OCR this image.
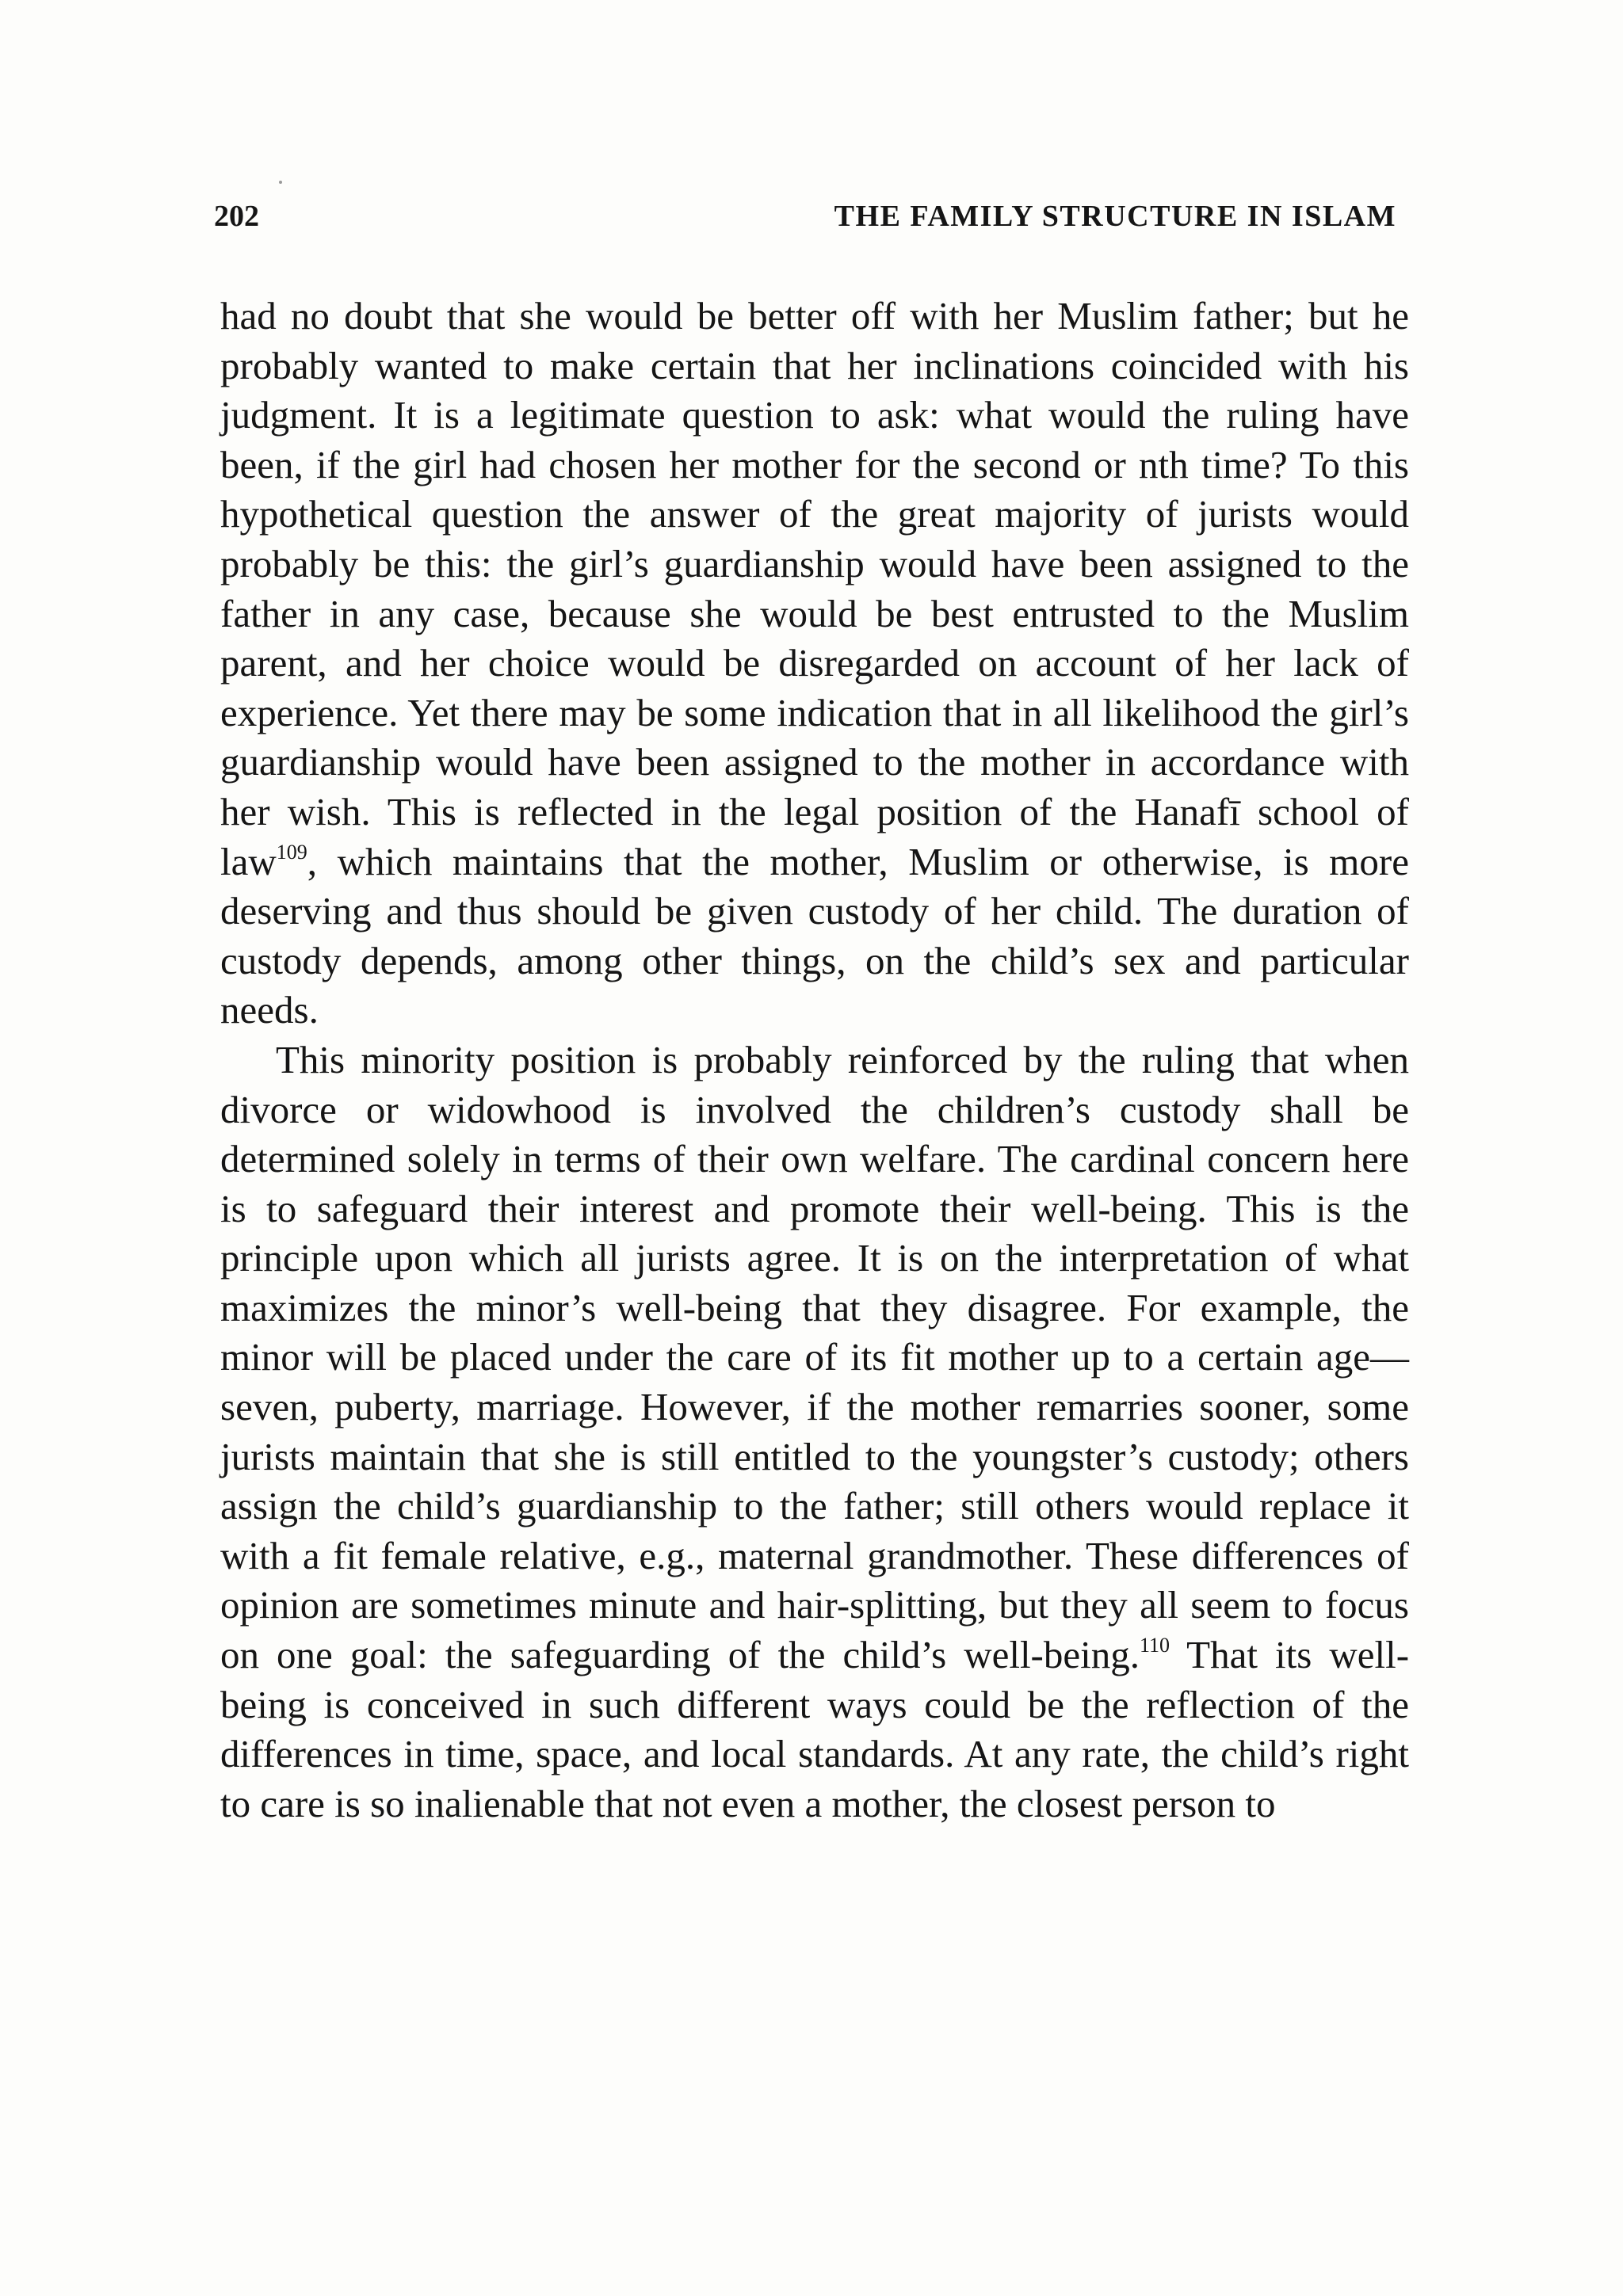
202	THE FAMILY STRUCTURE IN ISLAM

had no doubt that she would be better off with her Muslim father; but he probably wanted to make certain that her inclinations coincided with his judgment. It is a legitimate question to ask: what would the ruling have been, if the girl had chosen her mother for the second or nth time? To this hypothetical question the answer of the great majority of jurists would probably be this: the girl’s guardianship would have been assigned to the father in any case, because she would be best entrusted to the Muslim parent, and her choice would be disregarded on account of her lack of experience. Yet there may be some indication that in all likelihood the girl’s guardianship would have been assigned to the mother in accordance with her wish. This is reflected in the legal position of the Hanafī school of law$^{109}$, which maintains that the mother, Muslim or otherwise, is more deserving and thus should be given custody of her child. The duration of custody depends, among other things, on the child’s sex and particular needs.

This minority position is probably reinforced by the ruling that when divorce or widowhood is involved the children’s custody shall be determined solely in terms of their own welfare. The cardinal concern here is to safeguard their interest and promote their well-being. This is the principle upon which all jurists agree. It is on the interpretation of what maximizes the minor’s well-being that they disagree. For example, the minor will be placed under the care of its fit mother up to a certain age—seven, puberty, marriage. However, if the mother remarries sooner, some jurists maintain that she is still entitled to the youngster’s custody; others assign the child’s guardianship to the father; still others would replace it with a fit female relative, e.g., maternal grandmother. These differences of opinion are sometimes minute and hair-splitting, but they all seem to focus on one goal: the safeguarding of the child’s well-being.$^{110}$ That its well-being is conceived in such different ways could be the reflection of the differences in time, space, and local standards. At any rate, the child’s right to care is so inalienable that not even a mother, the closest person to
